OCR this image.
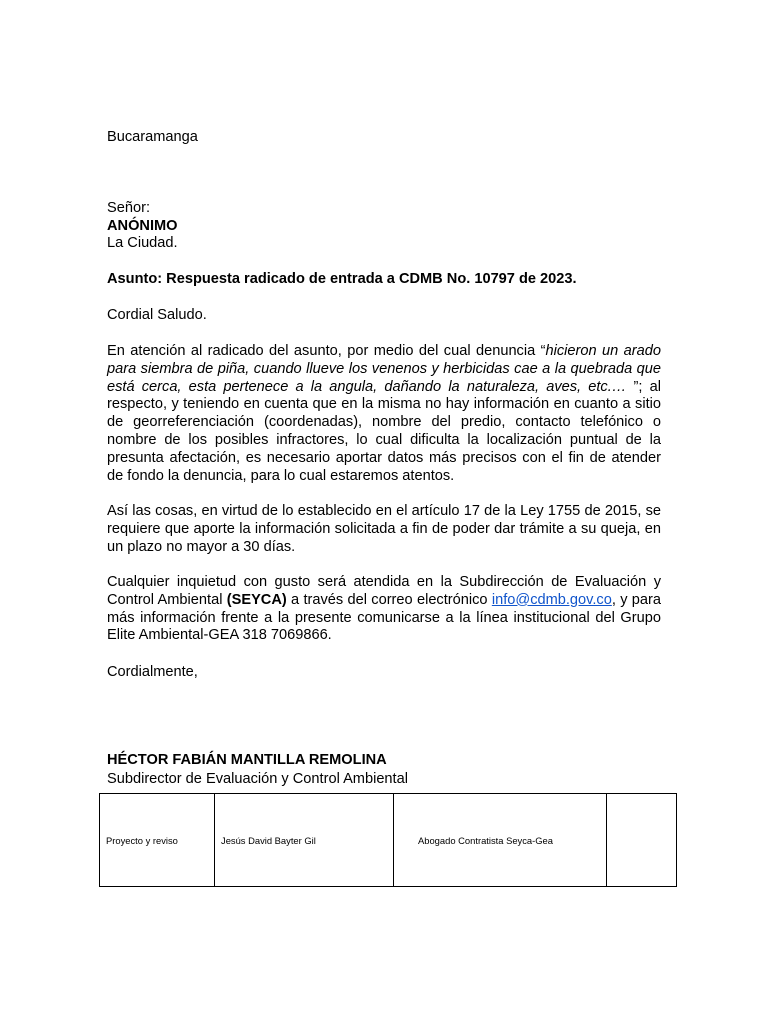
Bucaramanga

Señor:

ANÓNIMO

La Ciudad.

Asunto: Respuesta radicado de entrada a CDMB No. 10797 de 2023.

Cordial Saludo.

En atención al radicado del asunto, por medio del cual denuncia “hicieron un arado para siembra de piña, cuando llueve los venenos y herbicidas cae a la quebrada que está cerca, esta pertenece a la angula, dañando la naturaleza, aves, etc.… ”; al respecto, y teniendo en cuenta que en la misma no hay información en cuanto a sitio de georreferenciación (coordenadas), nombre del predio, contacto telefónico o nombre de los posibles infractores, lo cual dificulta la localización puntual de la presunta afectación, es necesario aportar datos más precisos con el fin de atender de fondo la denuncia, para lo cual estaremos atentos.

Así las cosas, en virtud de lo establecido en el artículo 17 de la Ley 1755 de 2015, se requiere que aporte la información solicitada a fin de poder dar trámite a su queja, en un plazo no mayor a 30 días.

Cualquier inquietud con gusto será atendida en la Subdirección de Evaluación y Control Ambiental (SEYCA) a través del correo electrónico info@cdmb.gov.co, y para más información frente a la presente comunicarse a la línea institucional del Grupo Elite Ambiental-GEA 318 7069866.

Cordialmente,

HÉCTOR FABIÁN MANTILLA REMOLINA

Subdirector de Evaluación y Control Ambiental

Proyecto y reviso	Jesús David Bayter Gil	Abogado Contratista Seyca-Gea	
